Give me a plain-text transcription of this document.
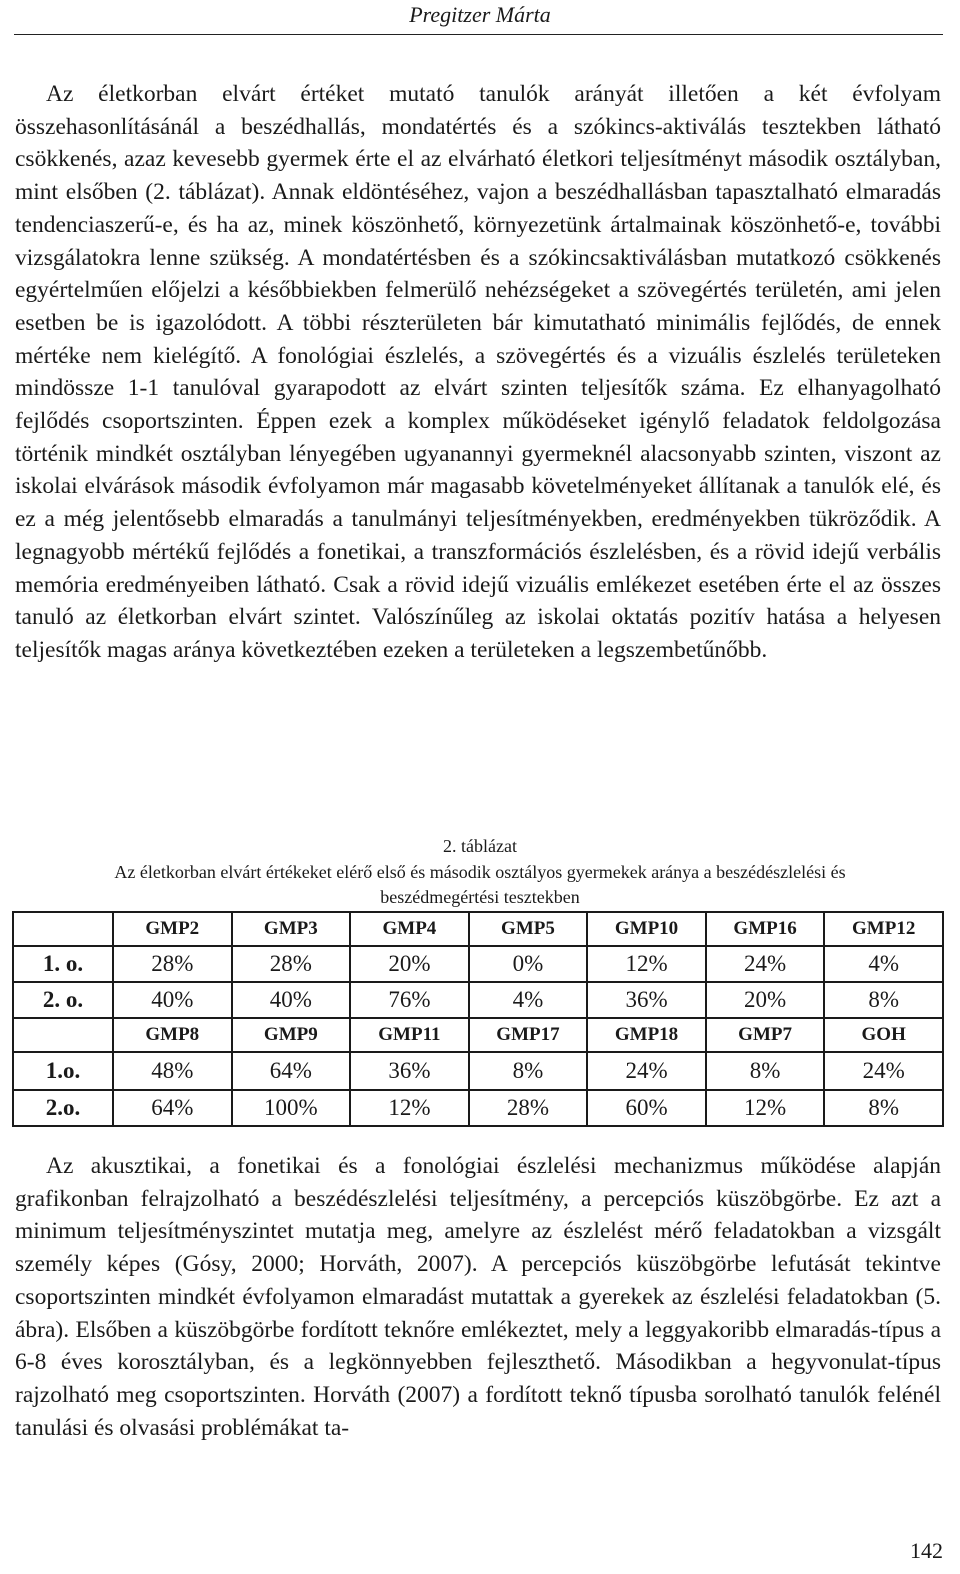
Pregitzer Márta

Az életkorban elvárt értéket mutató tanulók arányát illetően a két évfolyam összehasonlításánál a beszédhallás, mondatértés és a szókincs-aktiválás tesztekben látható csökkenés, azaz kevesebb gyermek érte el az elvárható életkori teljesítményt második osztályban, mint elsőben (2. táblázat). Annak eldöntéséhez, vajon a beszédhallásban tapasztalható elmaradás tendenciaszerű-e, és ha az, minek köszönhető, környezetünk ártalmainak köszönhető-e, további vizsgálatokra lenne szükség. A mondatértésben és a szókincsaktiválásban mutatkozó csökkenés egyértelműen előjelzi a későbbiekben felmerülő nehézségeket a szövegértés területén, ami jelen esetben be is igazolódott. A többi részterületen bár kimutatható minimális fejlődés, de ennek mértéke nem kielégítő. A fonológiai észlelés, a szövegértés és a vizuális észlelés területeken mindössze 1-1 tanulóval gyarapodott az elvárt szinten teljesítők száma. Ez elhanyagolható fejlődés csoportszinten. Éppen ezek a komplex működéseket igénylő feladatok feldolgozása történik mindkét osztályban lényegében ugyanannyi gyermeknél alacsonyabb szinten, viszont az iskolai elvárások második évfolyamon már magasabb követelményeket állítanak a tanulók elé, és ez a még jelentősebb elmaradás a tanulmányi teljesítményekben, eredményekben tükröződik. A legnagyobb mértékű fejlődés a fonetikai, a transzformációs észlelésben, és a rövid idejű verbális memória eredményeiben látható. Csak a rövid idejű vizuális emlékezet esetében érte el az összes tanuló az életkorban elvárt szintet. Valószínűleg az iskolai oktatás pozitív hatása a helyesen teljesítők magas aránya következtében ezeken a területeken a legszembetűnőbb.

2. táblázat
Az életkorban elvárt értékeket elérő első és második osztályos gyermekek aránya a beszédészlelési és beszédmegértési tesztekben
	GMP2	GMP3	GMP4	GMP5	GMP10	GMP16	GMP12
1. o.	28%	28%	20%	0%	12%	24%	4%
2. o.	40%	40%	76%	4%	36%	20%	8%
	GMP8	GMP9	GMP11	GMP17	GMP18	GMP7	GOH
1.o.	48%	64%	36%	8%	24%	8%	24%
2.o.	64%	100%	12%	28%	60%	12%	8%

Az akusztikai, a fonetikai és a fonológiai észlelési mechanizmus működése alapján grafikonban felrajzolható a beszédészlelési teljesítmény, a percepciós küszöbgörbe. Ez azt a minimum teljesítményszintet mutatja meg, amelyre az észlelést mérő feladatokban a vizsgált személy képes (Gósy, 2000; Horváth, 2007). A percepciós küszöbgörbe lefutását tekintve csoportszinten mindkét évfolyamon elmaradást mutattak a gyerekek az észlelési feladatokban (5. ábra). Elsőben a küszöbgörbe fordított teknőre emlékeztet, mely a leggyakoribb elmaradás-típus a 6-8 éves korosztályban, és a legkönnyebben fejleszthető. Másodikban a hegyvonulat-típus rajzolható meg csoportszinten. Horváth (2007) a fordított teknő típusba sorolható tanulók felénél tanulási és olvasási problémákat ta-

142
